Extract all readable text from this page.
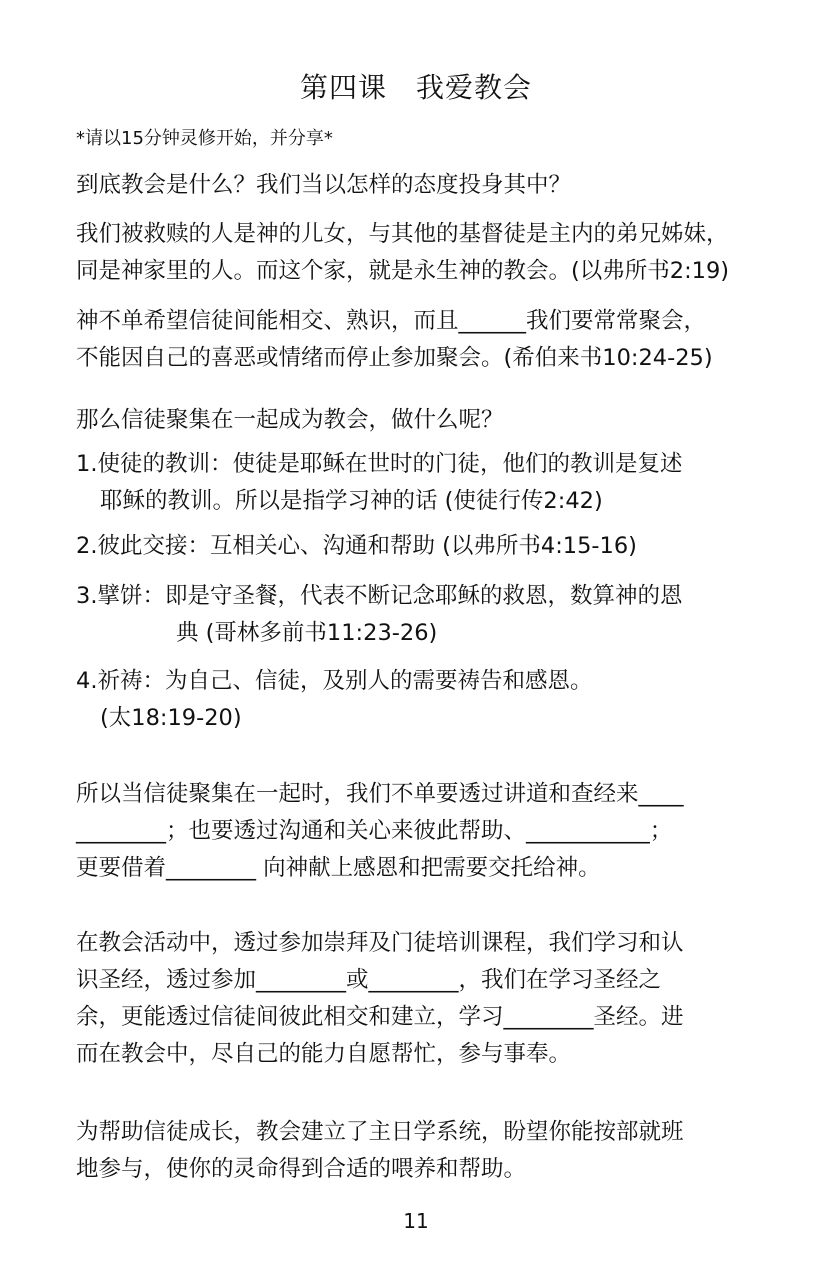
第四课　我爱教会
*请以15分钟灵修开始，并分享*

到底教会是什么？我们当以怎样的态度投身其中？

我们被救赎的人是神的儿女，与其他的基督徒是主内的弟兄姊妹，
同是神家里的人。而这个家，就是永生神的教会。(以弗所书2:19)

神不单希望信徒间能相交、熟识，而且______我们要常常聚会，
不能因自己的喜恶或情绪而停止参加聚会。(希伯来书10:24-25)

那么信徒聚集在一起成为教会，做什么呢？

1.使徒的教训：使徒是耶稣在世时的门徒，他们的教训是复述
耶稣的教训。所以是指学习神的话 (使徒行传2:42)

2.彼此交接：互相关心、沟通和帮助 (以弗所书4:15-16)

3.擘饼：即是守圣餐，代表不断记念耶稣的救恩，数算神的恩
典 (哥林多前书11:23-26)

4.祈祷：为自己、信徒，及别人的需要祷告和感恩。
(太18:19-20)

所以当信徒聚集在一起时，我们不单要透过讲道和查经来____
________；也要透过沟通和关心来彼此帮助、___________；
更要借着________ 向神献上感恩和把需要交托给神。

在教会活动中，透过参加崇拜及门徒培训课程，我们学习和认
识圣经，透过参加________或________，我们在学习圣经之
余，更能透过信徒间彼此相交和建立，学习________圣经。进
而在教会中，尽自己的能力自愿帮忙，参与事奉。

为帮助信徒成长，教会建立了主日学系统，盼望你能按部就班
地参与，使你的灵命得到合适的喂养和帮助。

11
